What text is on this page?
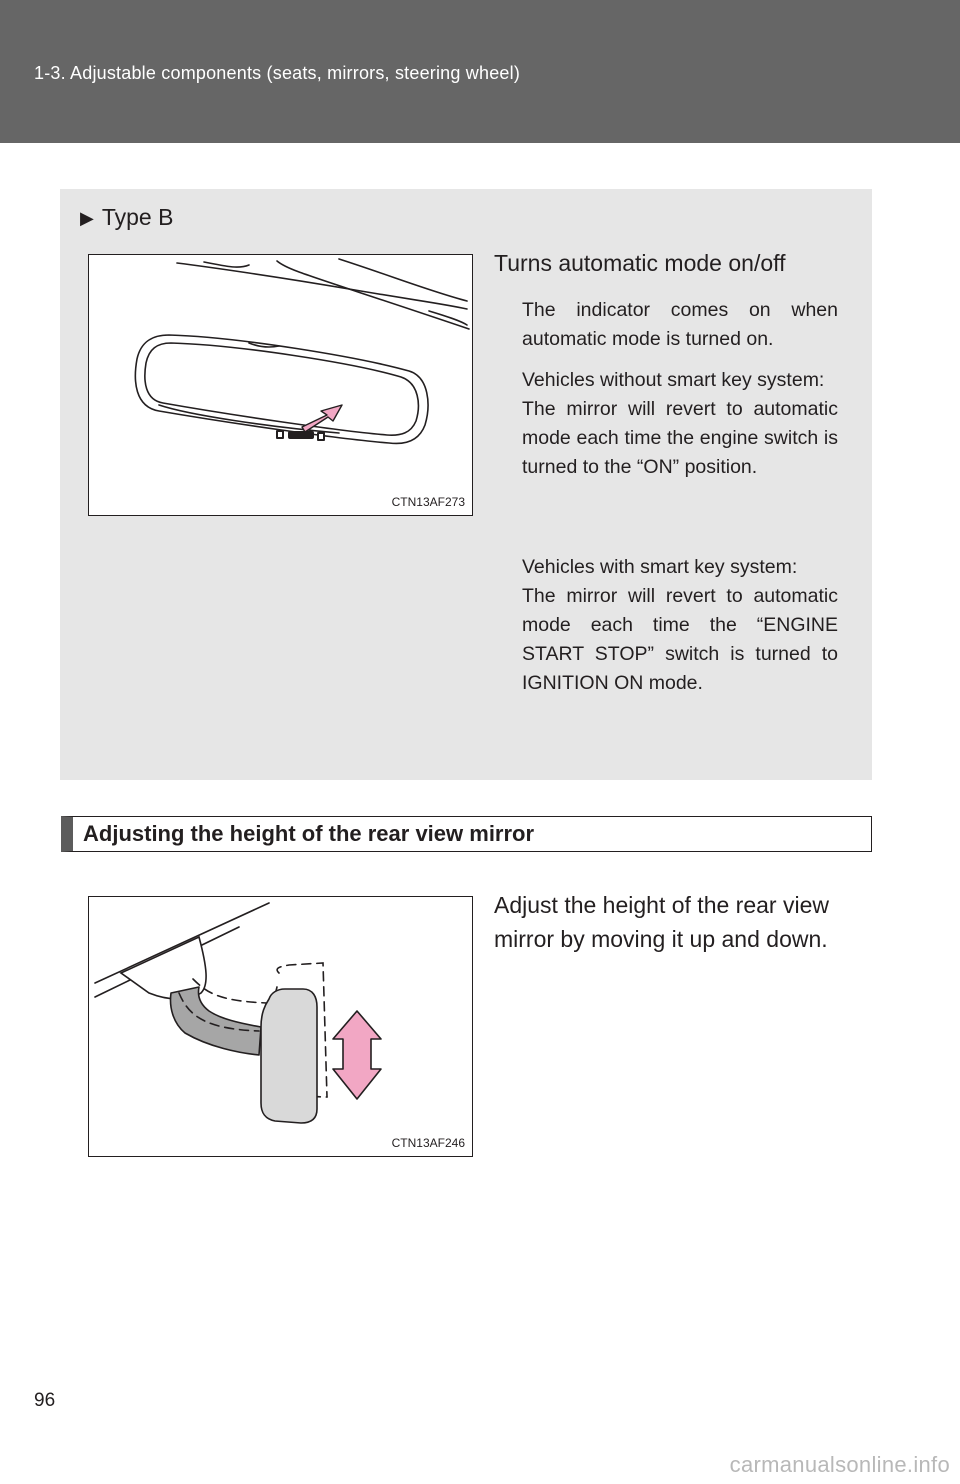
1-3. Adjustable components (seats, mirrors, steering wheel)
▶ Type B
CTN13AF273
Turns automatic mode on/off
The indicator comes on when automatic mode is turned on.
Vehicles without smart key system:
The mirror will revert to automatic mode each time the engine switch is turned to the “ON” position.
Vehicles with smart key system:
The mirror will revert to automatic mode each time the “ENGINE START STOP” switch is turned to IGNITION ON mode.
Adjusting the height of the rear view mirror
CTN13AF246
Adjust the height of the rear view mirror by moving it up and down.
96
carmanualsonline.info
